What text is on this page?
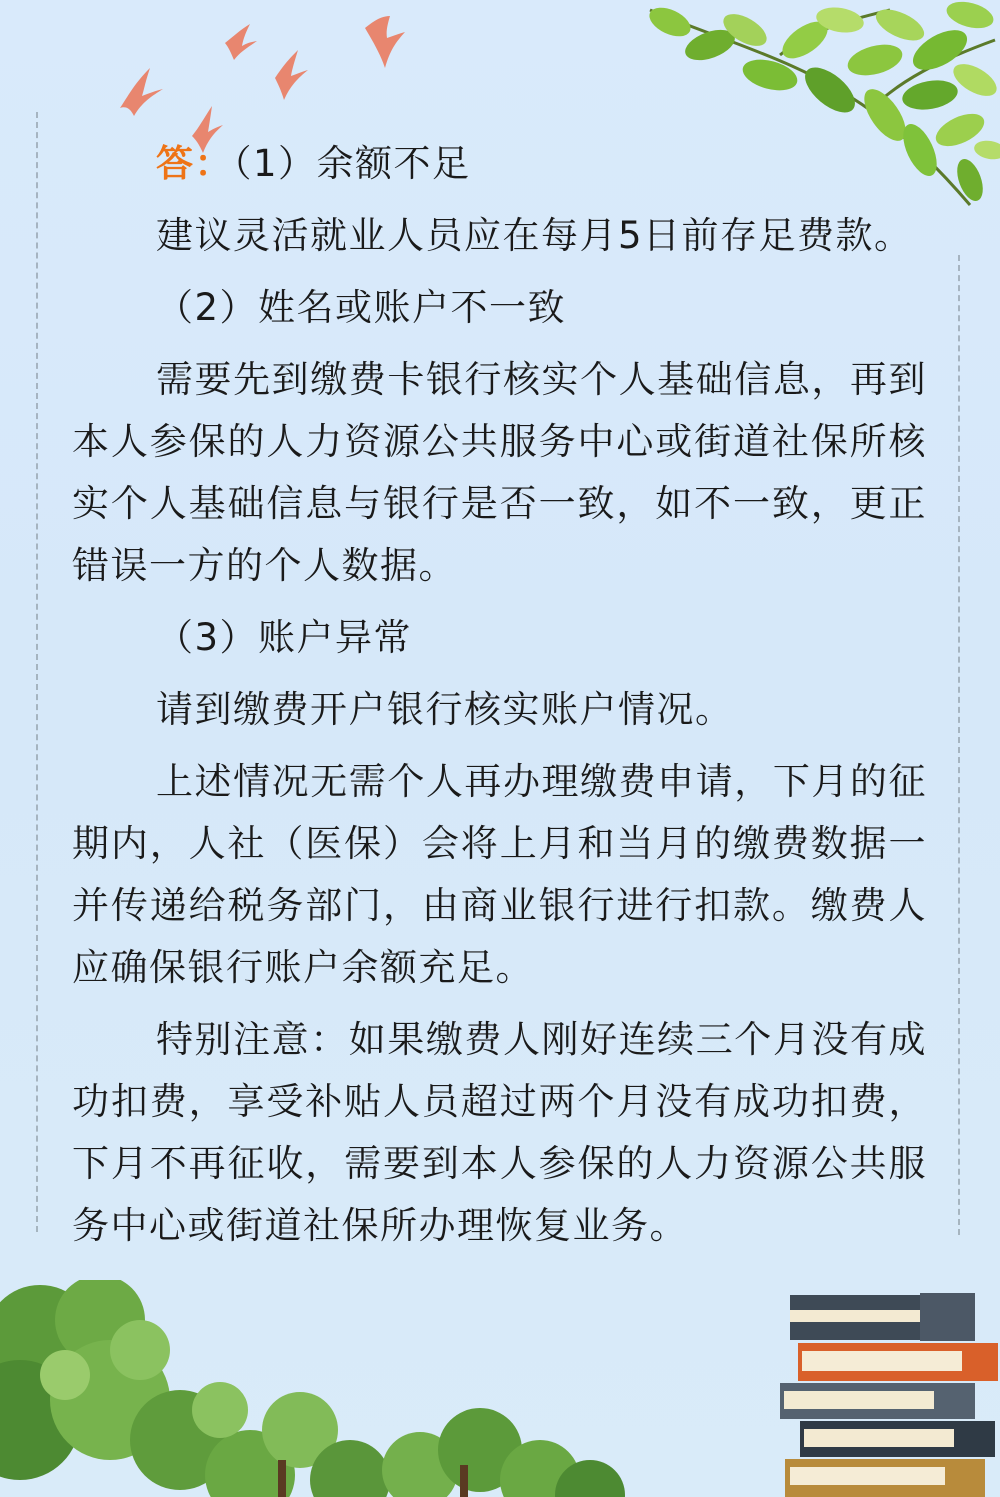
答：（1）余额不足

建议灵活就业人员应在每月5日前存足费款。

（2）姓名或账户不一致

需要先到缴费卡银行核实个人基础信息，再到本人参保的人力资源公共服务中心或街道社保所核实个人基础信息与银行是否一致，如不一致，更正错误一方的个人数据。

（3）账户异常

请到缴费开户银行核实账户情况。

上述情况无需个人再办理缴费申请，下月的征期内，人社（医保）会将上月和当月的缴费数据一并传递给税务部门，由商业银行进行扣款。缴费人应确保银行账户余额充足。

特别注意：如果缴费人刚好连续三个月没有成功扣费，享受补贴人员超过两个月没有成功扣费，下月不再征收，需要到本人参保的人力资源公共服务中心或街道社保所办理恢复业务。
